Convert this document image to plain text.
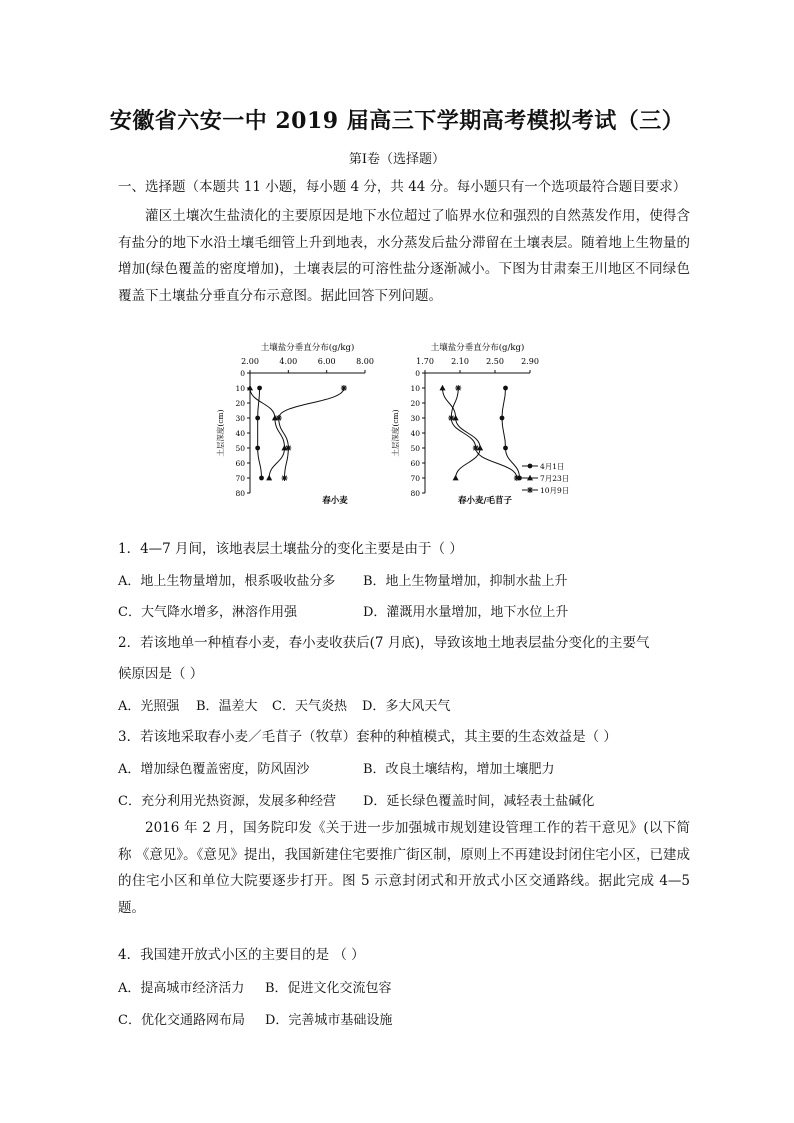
安徽省六安一中 2019 届高三下学期高考模拟考试（三）
第Ⅰ卷（选择题）
一、选择题（本题共 11 小题，每小题 4 分，共 44 分。每小题只有一个选项最符合题目要求）
灌区土壤次生盐渍化的主要原因是地下水位超过了临界水位和强烈的自然蒸发作用，使得含有盐分的地下水沿土壤毛细管上升到地表，水分蒸发后盐分滞留在土壤表层。随着地上生物量的增加(绿色覆盖的密度增加)，土壤表层的可溶性盐分逐渐减小。下图为甘肃秦王川地区不同绿色覆盖下土壤盐分垂直分布示意图。据此回答下列问题。
土壤盐分垂直分布(g/kg)
2.00	4.00	6.00	8.00
0
10
20
30
40
50
60
70
80
土层深度(cm)
春小麦
土壤盐分垂直分布(g/kg)
1.70 2.10 2.50 2.90
0
10
20
30
40
50
60
70
80
土层深度(cm)
春小麦/毛苜子
4月1日
7月23日
10月9日
1．4—7 月间，该地表层土壤盐分的变化主要是由于（ ）
A．地上生物量增加，根系吸收盐分多 B．地上生物量增加，抑制水盐上升
C．大气降水增多，淋溶作用强	D．灌溉用水量增加，地下水位上升
2．若该地单一种植春小麦，春小麦收获后(7 月底)，导致该地土地表层盐分变化的主要气
候原因是（ ）
A．光照强 B．温差大 C．天气炎热 D．多大风天气
3．若该地采取春小麦／毛苜子（牧草）套种的种植模式，其主要的生态效益是（ ）
A．增加绿色覆盖密度，防风固沙	B．改良土壤结构，增加土壤肥力
C．充分利用光热资源，发展多种经营 D．延长绿色覆盖时间，减轻表土盐碱化
2016 年 2 月，国务院印发《关于进一步加强城市规划建设管理工作的若干意见》(以下简称 《意见》。《意见》提出，我国新建住宅要推广街区制，原则上不再建设封闭住宅小区，已建成的住宅小区和单位大院要逐步打开。图 5 示意封闭式和开放式小区交通路线。据此完成 4—5 题。
4．我国建开放式小区的主要目的是 （ ）
A．提高城市经济活力 B．促进文化交流包容
C．优化交通路网布局 D．完善城市基础设施
